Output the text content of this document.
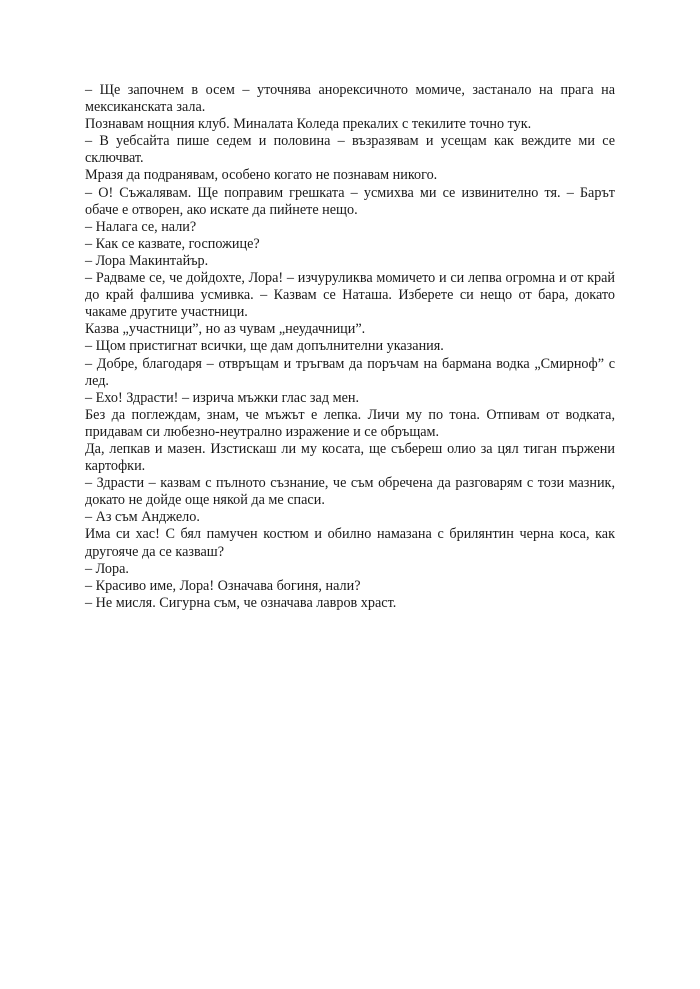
– Ще започнем в осем – уточнява анорексичното момиче, застанало на прага на мексиканската зала.

Познавам нощния клуб. Миналата Коледа прекалих с текилите точно тук.

– В уебсайта пише седем и половина – възразявам и усещам как веждите ми се сключват.

Мразя да подранявам, особено когато не познавам никого.

– О! Съжалявам. Ще поправим грешката – усмихва ми се извинително тя. – Барът обаче е отворен, ако искате да пийнете нещо.

– Налага се, нали?

– Как се казвате, госпожице?

– Лора Макинтайър.

– Радваме се, че дойдохте, Лора! – изчуруликва момичето и си лепва огромна и от край до край фалшива усмивка. – Казвам се Наташа. Изберете си нещо от бара, докато чакаме другите участници.

Казва „участници”, но аз чувам „неудачници”.

– Щом пристигнат всички, ще дам допълнителни указания.

– Добре, благодаря – отвръщам и тръгвам да поръчам на бармана водка „Смирноф” с лед.

– Ехо! Здрасти! – изрича мъжки глас зад мен.

Без да поглеждам, знам, че мъжът е лепка. Личи му по тона. Отпивам от водката, придавам си любезно-неутрално изражение и се обръщам.

Да, лепкав и мазен. Изстискаш ли му косата, ще събереш олио за цял тиган пържени картофки.

– Здрасти – казвам с пълното съзнание, че съм обречена да разговарям с този мазник, докато не дойде още някой да ме спаси.

– Аз съм Анджело.

Има си хас! С бял памучен костюм и обилно намазана с брилянтин черна коса, как другояче да се казваш?

– Лора.

– Красиво име, Лора! Означава богиня, нали?

– Не мисля. Сигурна съм, че означава лавров храст.
